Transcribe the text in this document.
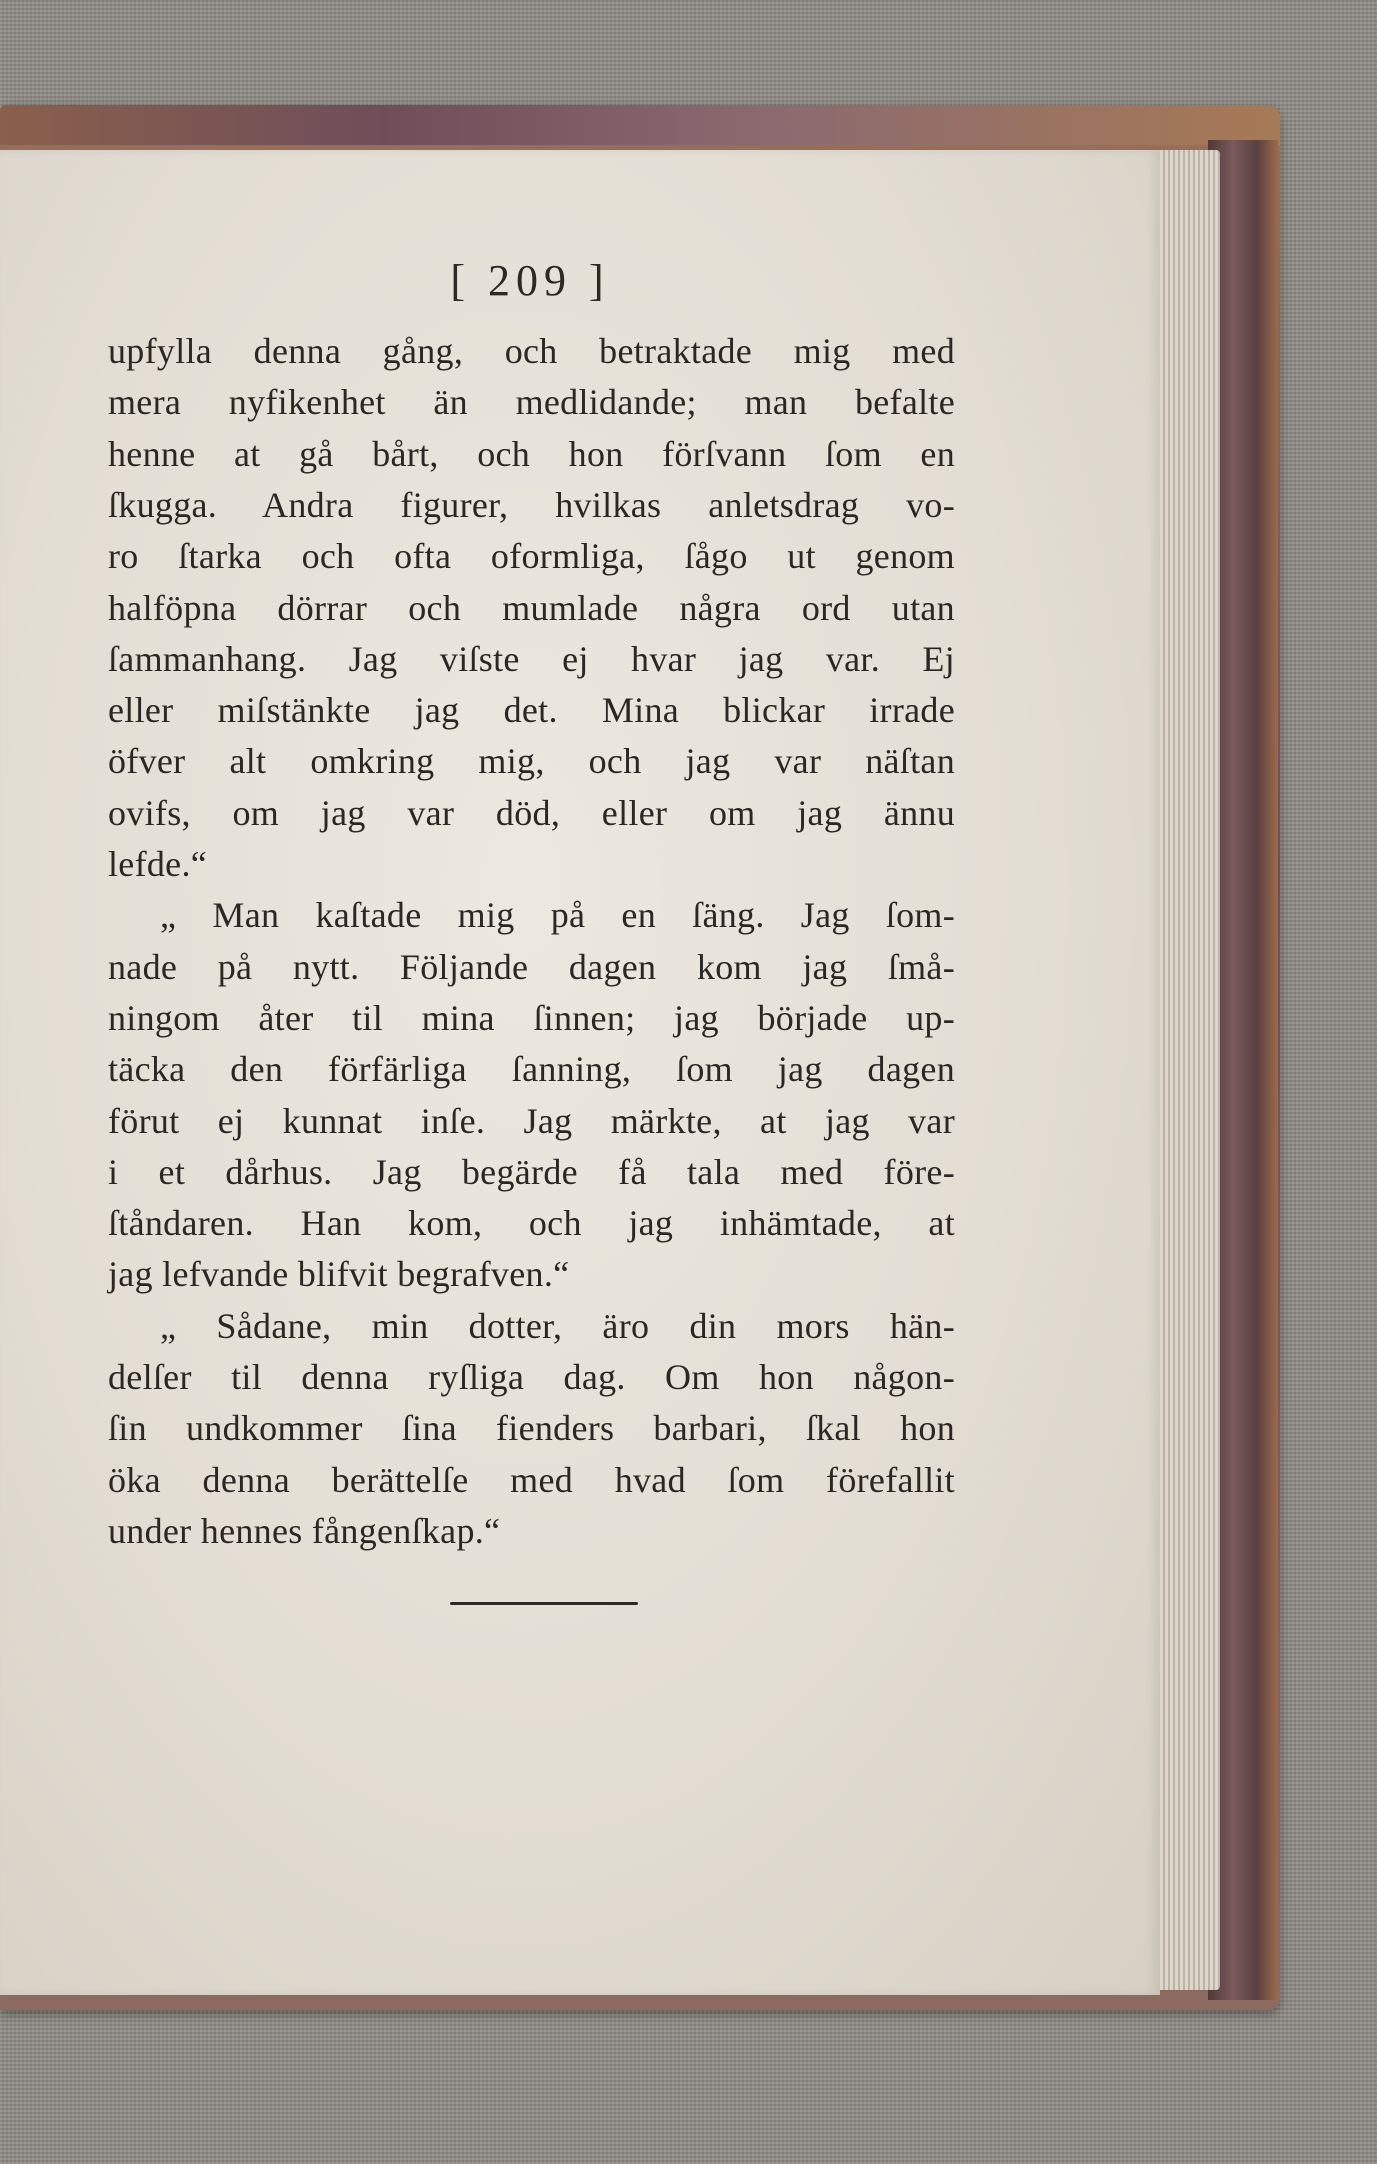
[ 209 ]
upfylla denna gång, och betraktade mig med
mera nyfikenhet än medlidande; man befalte
henne at gå bårt, och hon förſvann ſom en
ſkugga. Andra figurer, hvilkas anletsdrag vo-
ro ſtarka och ofta oformliga, ſågo ut genom
halföpna dörrar och mumlade några ord utan
ſammanhang. Jag viſste ej hvar jag var. Ej
eller miſstänkte jag det. Mina blickar irrade
öfver alt omkring mig, och jag var näſtan
ovifs, om jag var död, eller om jag ännu
lefde.“
„ Man kaſtade mig på en ſäng. Jag ſom-
nade på nytt. Följande dagen kom jag ſmå-
ningom åter til mina ſinnen; jag började up-
täcka den förfärliga ſanning, ſom jag dagen
förut ej kunnat inſe. Jag märkte, at jag var
i et dårhus. Jag begärde få tala med före-
ſtåndaren. Han kom, och jag inhämtade, at
jag lefvande blifvit begrafven.“
„ Sådane, min dotter, äro din mors hän-
delſer til denna ryſliga dag. Om hon någon-
ſin undkommer ſina fienders barbari, ſkal hon
öka denna berättelſe med hvad ſom förefallit
under hennes fångenſkap.“
